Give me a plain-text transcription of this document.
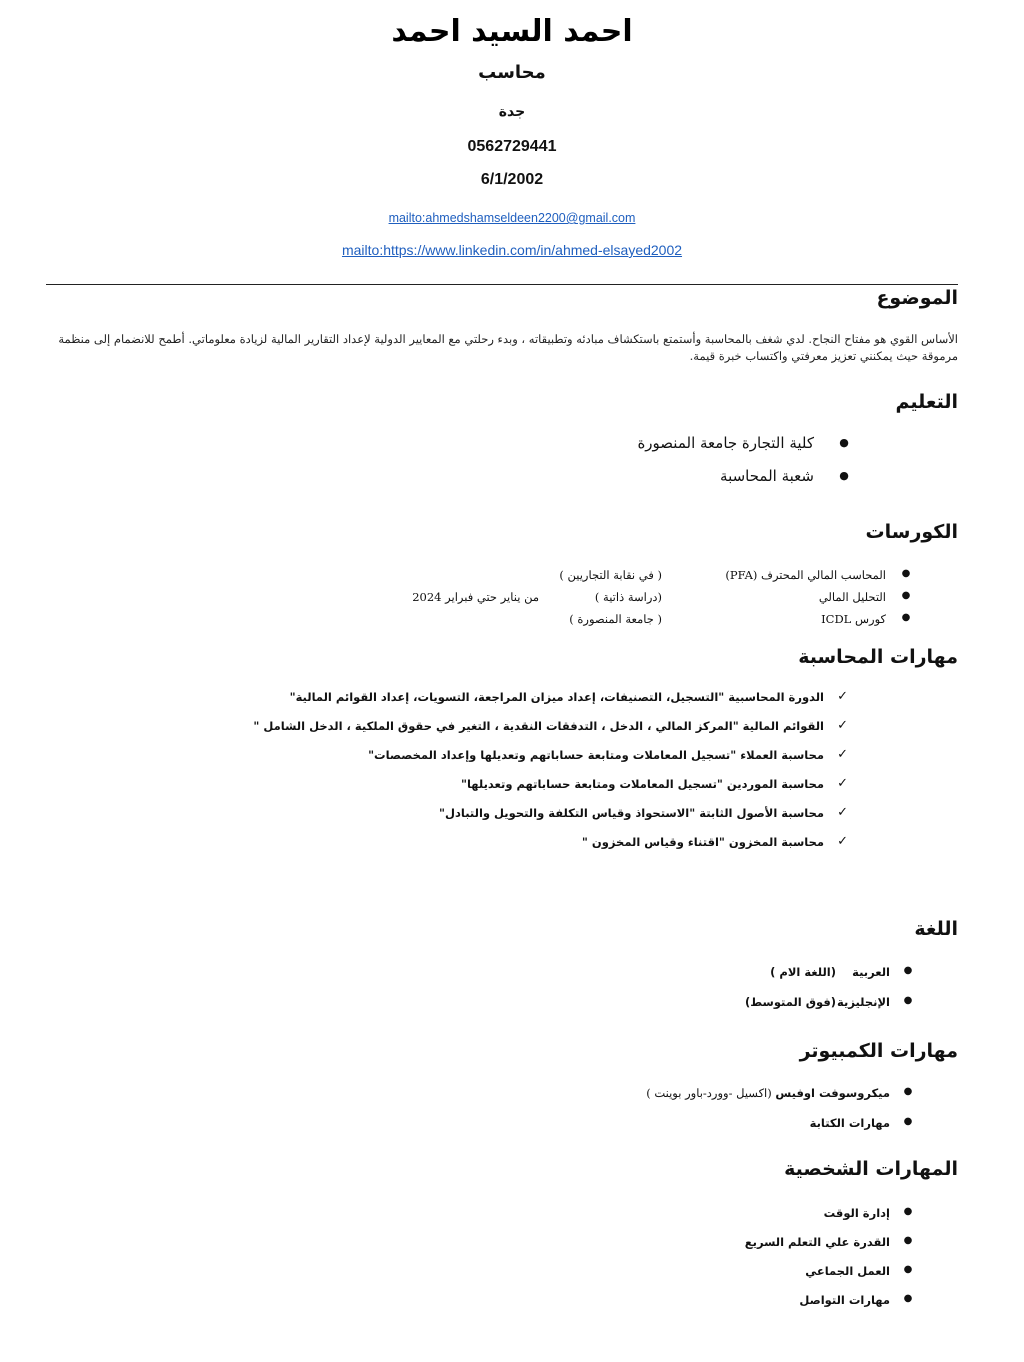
احمد السيد احمد
محاسب
جدة
0562729441
6/1/2002
mailto:ahmedshamseldeen2200@gmail.com
mailto:https://www.linkedin.com/in/ahmed-elsayed2002
الموضوع
الأساس القوي هو مفتاح النجاح. لدي شغف بالمحاسبة وأستمتع باستكشاف مبادئه وتطبيقاته ، وبدء رحلتي مع المعايير الدولية لإعداد التقارير المالية لزيادة معلوماتي. أطمح للانضمام إلى منظمة مرموقة حيث يمكنني تعزيز معرفتي واكتساب خبرة قيمة.
التعليم
●
كلية التجارة جامعة المنصورة
●
شعبة المحاسبة
الكورسات
●
المحاسب المالي المحترف (PFA)
( في نقابة التجاريين )
●
التحليل المالي
(دراسة ذاتية )
من يناير حتي فبراير 2024
●
كورس ICDL
( جامعة المنصورة )
مهارات المحاسبة
✓
الدورة المحاسبية "التسجيل، التصنيفات، إعداد ميزان المراجعة، التسويات، إعداد القوائم المالية"
✓
القوائم المالية "المركز المالي ، الدخل ، التدفقات النقدية ، التغير في حقوق الملكية ، الدخل الشامل "
✓
محاسبة العملاء "تسجيل المعاملات ومتابعة حساباتهم وتعديلها وإعداد المخصصات"
✓
محاسبة الموردين "تسجيل المعاملات ومتابعة حساباتهم وتعديلها"
✓
محاسبة الأصول الثابتة "الاستحواذ وقياس التكلفة والتحويل والتبادل"
✓
محاسبة المخزون "اقتناء وقياس المخزون "
اللغة
●
العربية
(اللغة الام )
●
الإنجليزية
(فوق المتوسط)
مهارات الكمبيوتر
●
ميكروسوفت اوفيس (اكسيل -وورد-باور بوينت )
●
مهارات الكتابة
المهارات الشخصية
●
إدارة الوقت
●
القدرة علي التعلم السريع
●
العمل الجماعي
●
مهارات التواصل
